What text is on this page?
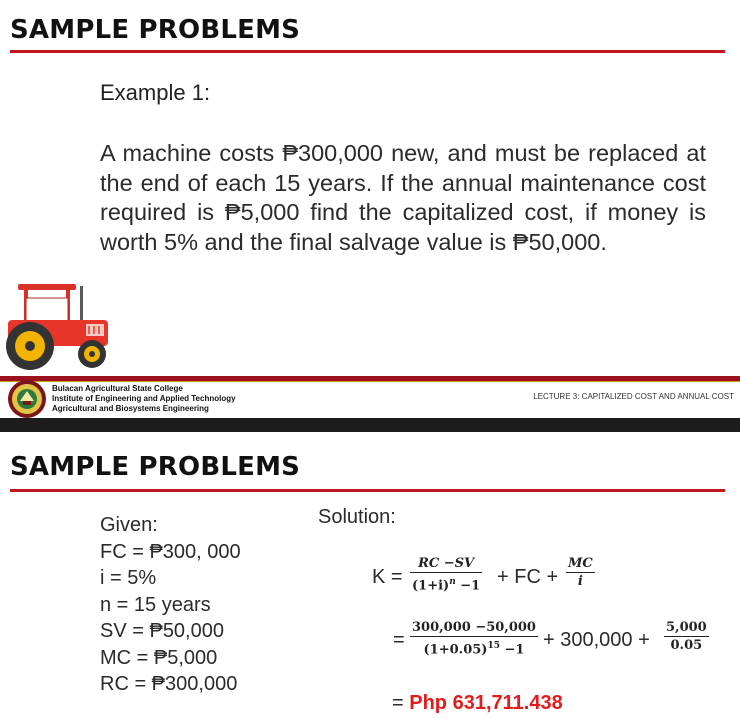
SAMPLE PROBLEMS
Example 1:

A machine costs ₱300,000 new, and must be replaced at the end of each 15 years. If the annual maintenance cost required is ₱5,000 find the capitalized cost, if money is worth 5% and the final salvage value is ₱50,000.

Bulacan Agricultural State College
Institute of Engineering and Applied Technology
Agricultural and Biosystems Engineering
LECTURE 3: CAPITALIZED COST AND ANNUAL COST
SAMPLE PROBLEMS
Given:
FC = ₱300, 000
i = 5%
n = 15 years
SV = ₱50,000
MC = ₱5,000
RC = ₱300,000
Solution:
$K = \frac{RC -SV}{(1+i)^n -1}$ + FC + $\frac{MC}{i}$
= $\frac{300,000 -50,000}{(1+0.05)^{15} -1} + 300,000 + \frac{5,000}{0.05}$
= Php 631,711.438
